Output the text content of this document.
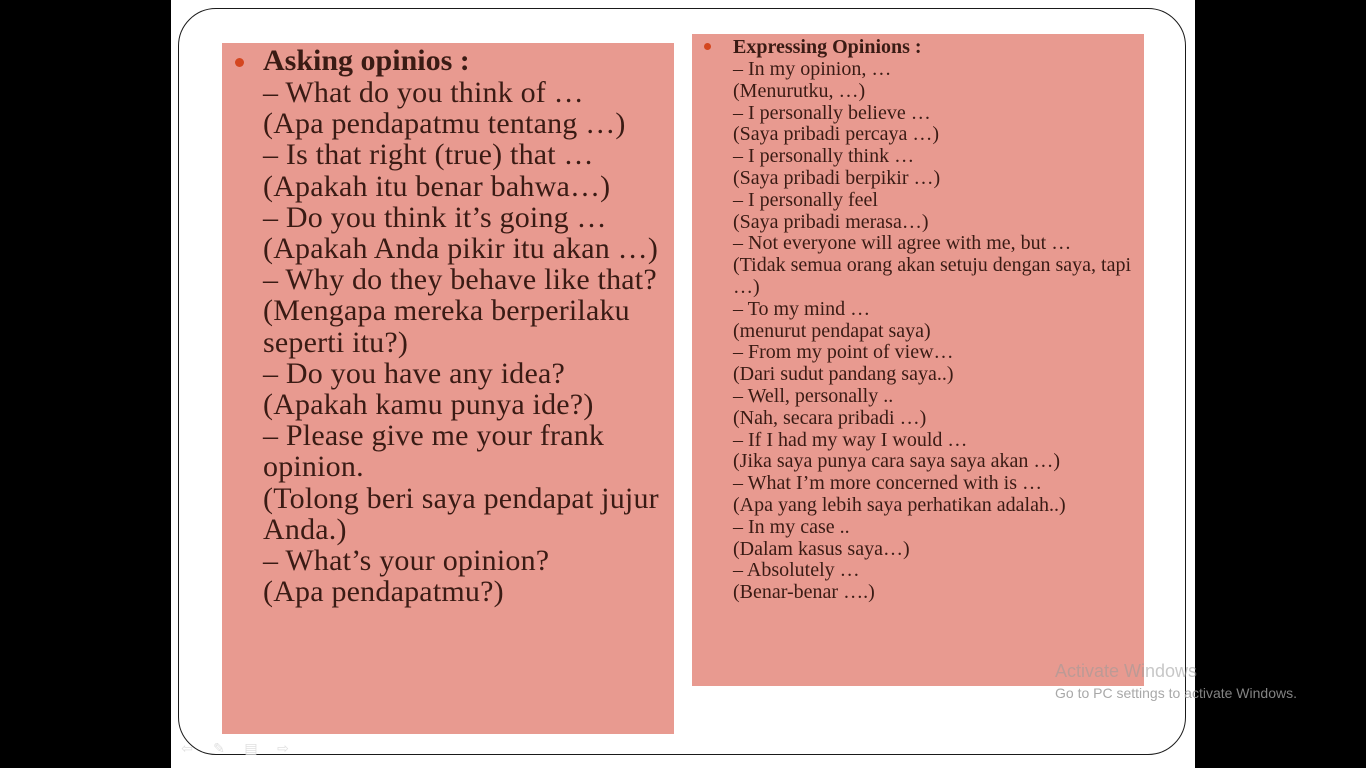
Asking opinios :
– What do you think of …
(Apa pendapatmu tentang …)
– Is that right (true) that …
(Apakah itu benar bahwa…)
– Do you think it’s going …
(Apakah Anda pikir itu akan …)
– Why do they behave like that?
(Mengapa mereka berperilaku seperti itu?)
– Do you have any idea?
(Apakah kamu punya ide?)
– Please give me your frank opinion.
(Tolong beri saya pendapat jujur Anda.)
– What’s your opinion?
(Apa pendapatmu?)
Expressing Opinions :
– In my opinion, …
(Menurutku, …)
– I personally believe …
(Saya pribadi percaya …)
– I personally think …
(Saya pribadi berpikir …)
– I personally feel
(Saya pribadi merasa…)
– Not everyone will agree with me, but …
(Tidak semua orang akan setuju dengan saya, tapi …)
– To my mind …
(menurut pendapat saya)
– From my point of view…
(Dari sudut pandang saya..)
– Well, personally ..
(Nah, secara pribadi …)
– If I had my way I would …
(Jika saya punya cara saya saya akan …)
– What I’m more concerned with is …
(Apa yang lebih saya perhatikan adalah..)
– In my case ..
(Dalam kasus saya…)
– Absolutely …
(Benar-benar ….)
⇦ ✎ ▤ ⇨
Activate Windows
Go to PC settings to activate Windows.
